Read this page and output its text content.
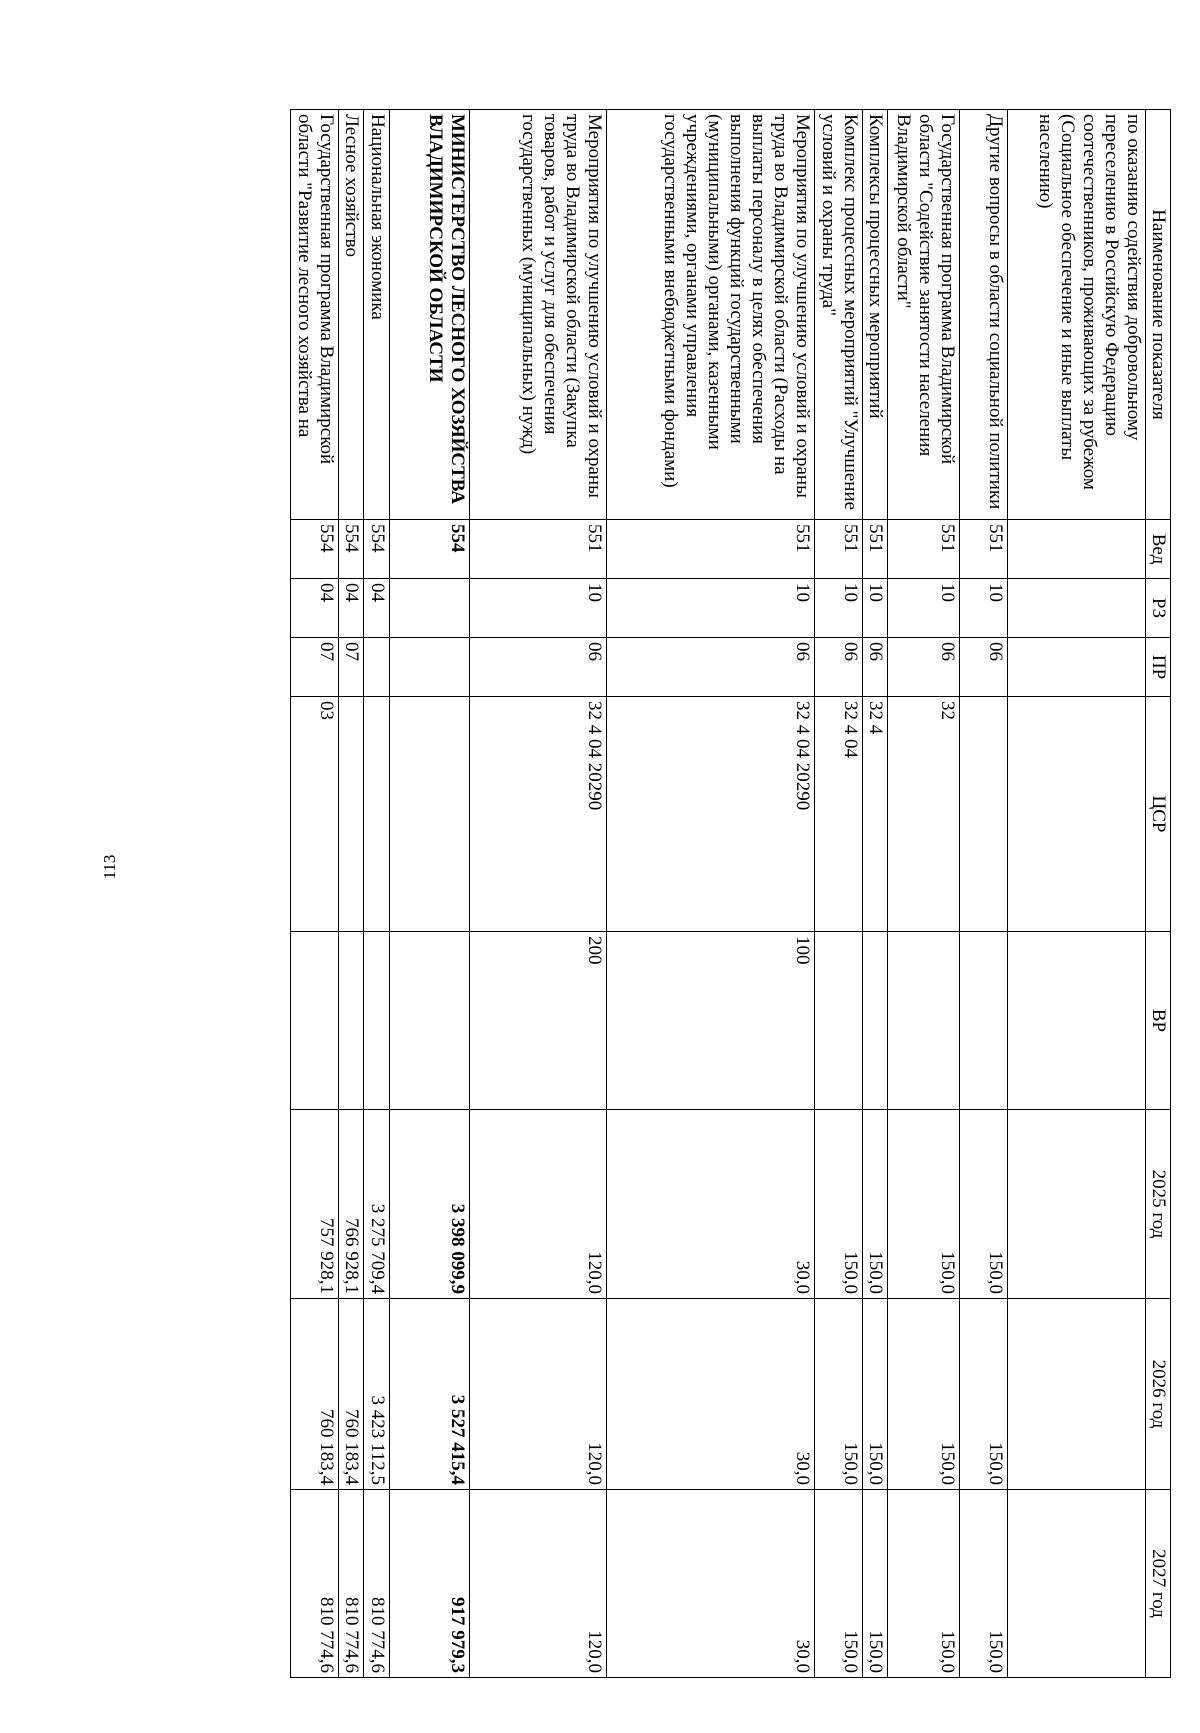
113
Наименование показателя	Вед	РЗ	ПР	ЦСР	ВР	2025 год	2026 год	2027 год
по оказанию содействия добровольному переселению в Российскую Федерацию соотечественников, проживающих за рубежом (Социальное обеспечение и иные выплаты населению)								
Другие вопросы в области социальной политики	551	10	06			150,0	150,0	150,0
Государственная программа Владимирской области "Содействие занятости населения Владимирской области"	551	10	06	32		150,0	150,0	150,0
Комплексы процессных мероприятий	551	10	06	32 4		150,0	150,0	150,0
Комплекс процессных мероприятий "Улучшение условий и охраны труда"	551	10	06	32 4 04		150,0	150,0	150,0
Мероприятия по улучшению условий и охраны труда во Владимирской области (Расходы на выплаты персоналу в целях обеспечения выполнения функций государственными (муниципальными) органами, казенными учреждениями, органами управления государственными внебюджетными фондами)	551	10	06	32 4 04 20290	100	30,0	30,0	30,0
Мероприятия по улучшению условий и охраны труда во Владимирской области (Закупка товаров, работ и услуг для обеспечения государственных (муниципальных) нужд)	551	10	06	32 4 04 20290	200	120,0	120,0	120,0
МИНИСТЕРСТВО ЛЕСНОГО ХОЗЯЙСТВА ВЛАДИМИРСКОЙ ОБЛАСТИ	554					3 398 099,9	3 527 415,4	917 979,3
Национальная экономика	554	04				3 275 709,4	3 423 112,5	810 774,6
Лесное хозяйство	554	04	07			766 928,1	760 183,4	810 774,6
Государственная программа Владимирской области "Развитие лесного хозяйства на	554	04	07	03		757 928,1	760 183,4	810 774,6
